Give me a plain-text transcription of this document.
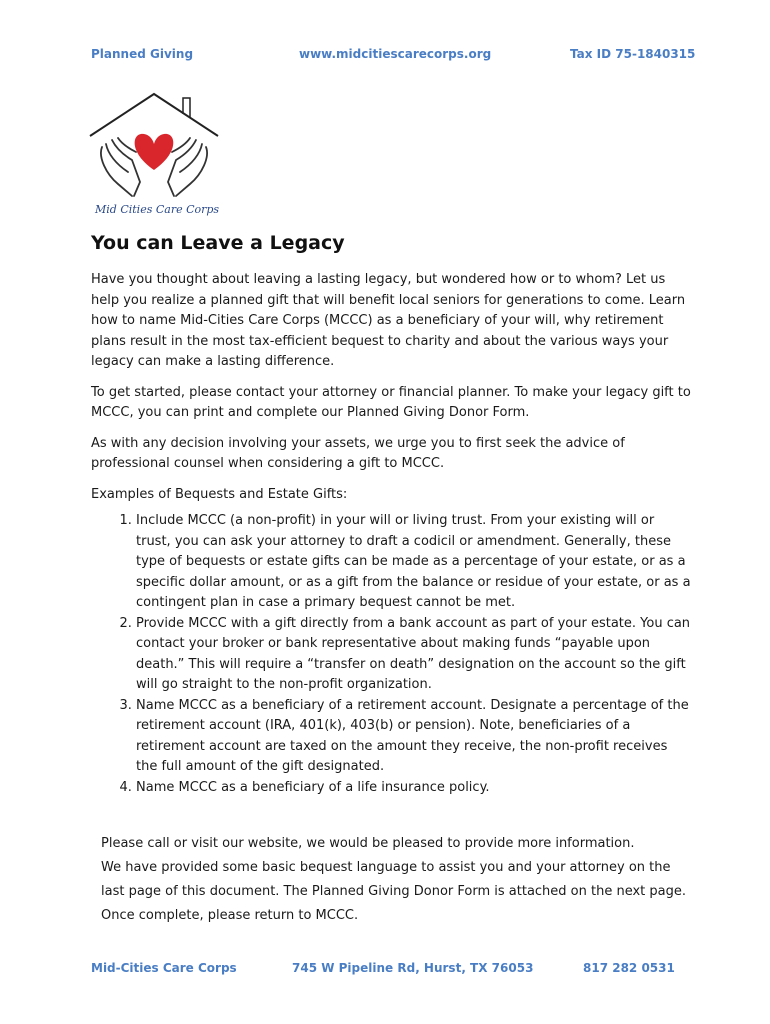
Planned Giving	www.midcitiescarecorps.org	Tax ID 75-1840315
Mid Cities Care Corps
You can Leave a Legacy

Have you thought about leaving a lasting legacy, but wondered how or to whom? Let us help you realize a planned gift that will benefit local seniors for generations to come. Learn how to name Mid-Cities Care Corps (MCCC) as a beneficiary of your will, why retirement plans result in the most tax-efficient bequest to charity and about the various ways your legacy can make a lasting difference.

To get started, please contact your attorney or financial planner. To make your legacy gift to MCCC, you can print and complete our Planned Giving Donor Form.

As with any decision involving your assets, we urge you to first seek the advice of professional counsel when considering a gift to MCCC.

Examples of Bequests and Estate Gifts:

1. Include MCCC (a non-profit) in your will or living trust. From your existing will or trust, you can ask your attorney to draft a codicil or amendment. Generally, these type of bequests or estate gifts can be made as a percentage of your estate, or as a specific dollar amount, or as a gift from the balance or residue of your estate, or as a contingent plan in case a primary bequest cannot be met.
2. Provide MCCC with a gift directly from a bank account as part of your estate. You can contact your broker or bank representative about making funds “payable upon death.” This will require a “transfer on death” designation on the account so the gift will go straight to the non-profit organization.
3. Name MCCC as a beneficiary of a retirement account. Designate a percentage of the retirement account (IRA, 401(k), 403(b) or pension). Note, beneficiaries of a retirement account are taxed on the amount they receive, the non-profit receives the full amount of the gift designated.
4. Name MCCC as a beneficiary of a life insurance policy.
Please call or visit our website, we would be pleased to provide more information.
We have provided some basic bequest language to assist you and your attorney on the
last page of this document. The Planned Giving Donor Form is attached on the next page.
Once complete, please return to MCCC.
Mid-Cities Care Corps	745 W Pipeline Rd, Hurst, TX 76053	817 282 0531
